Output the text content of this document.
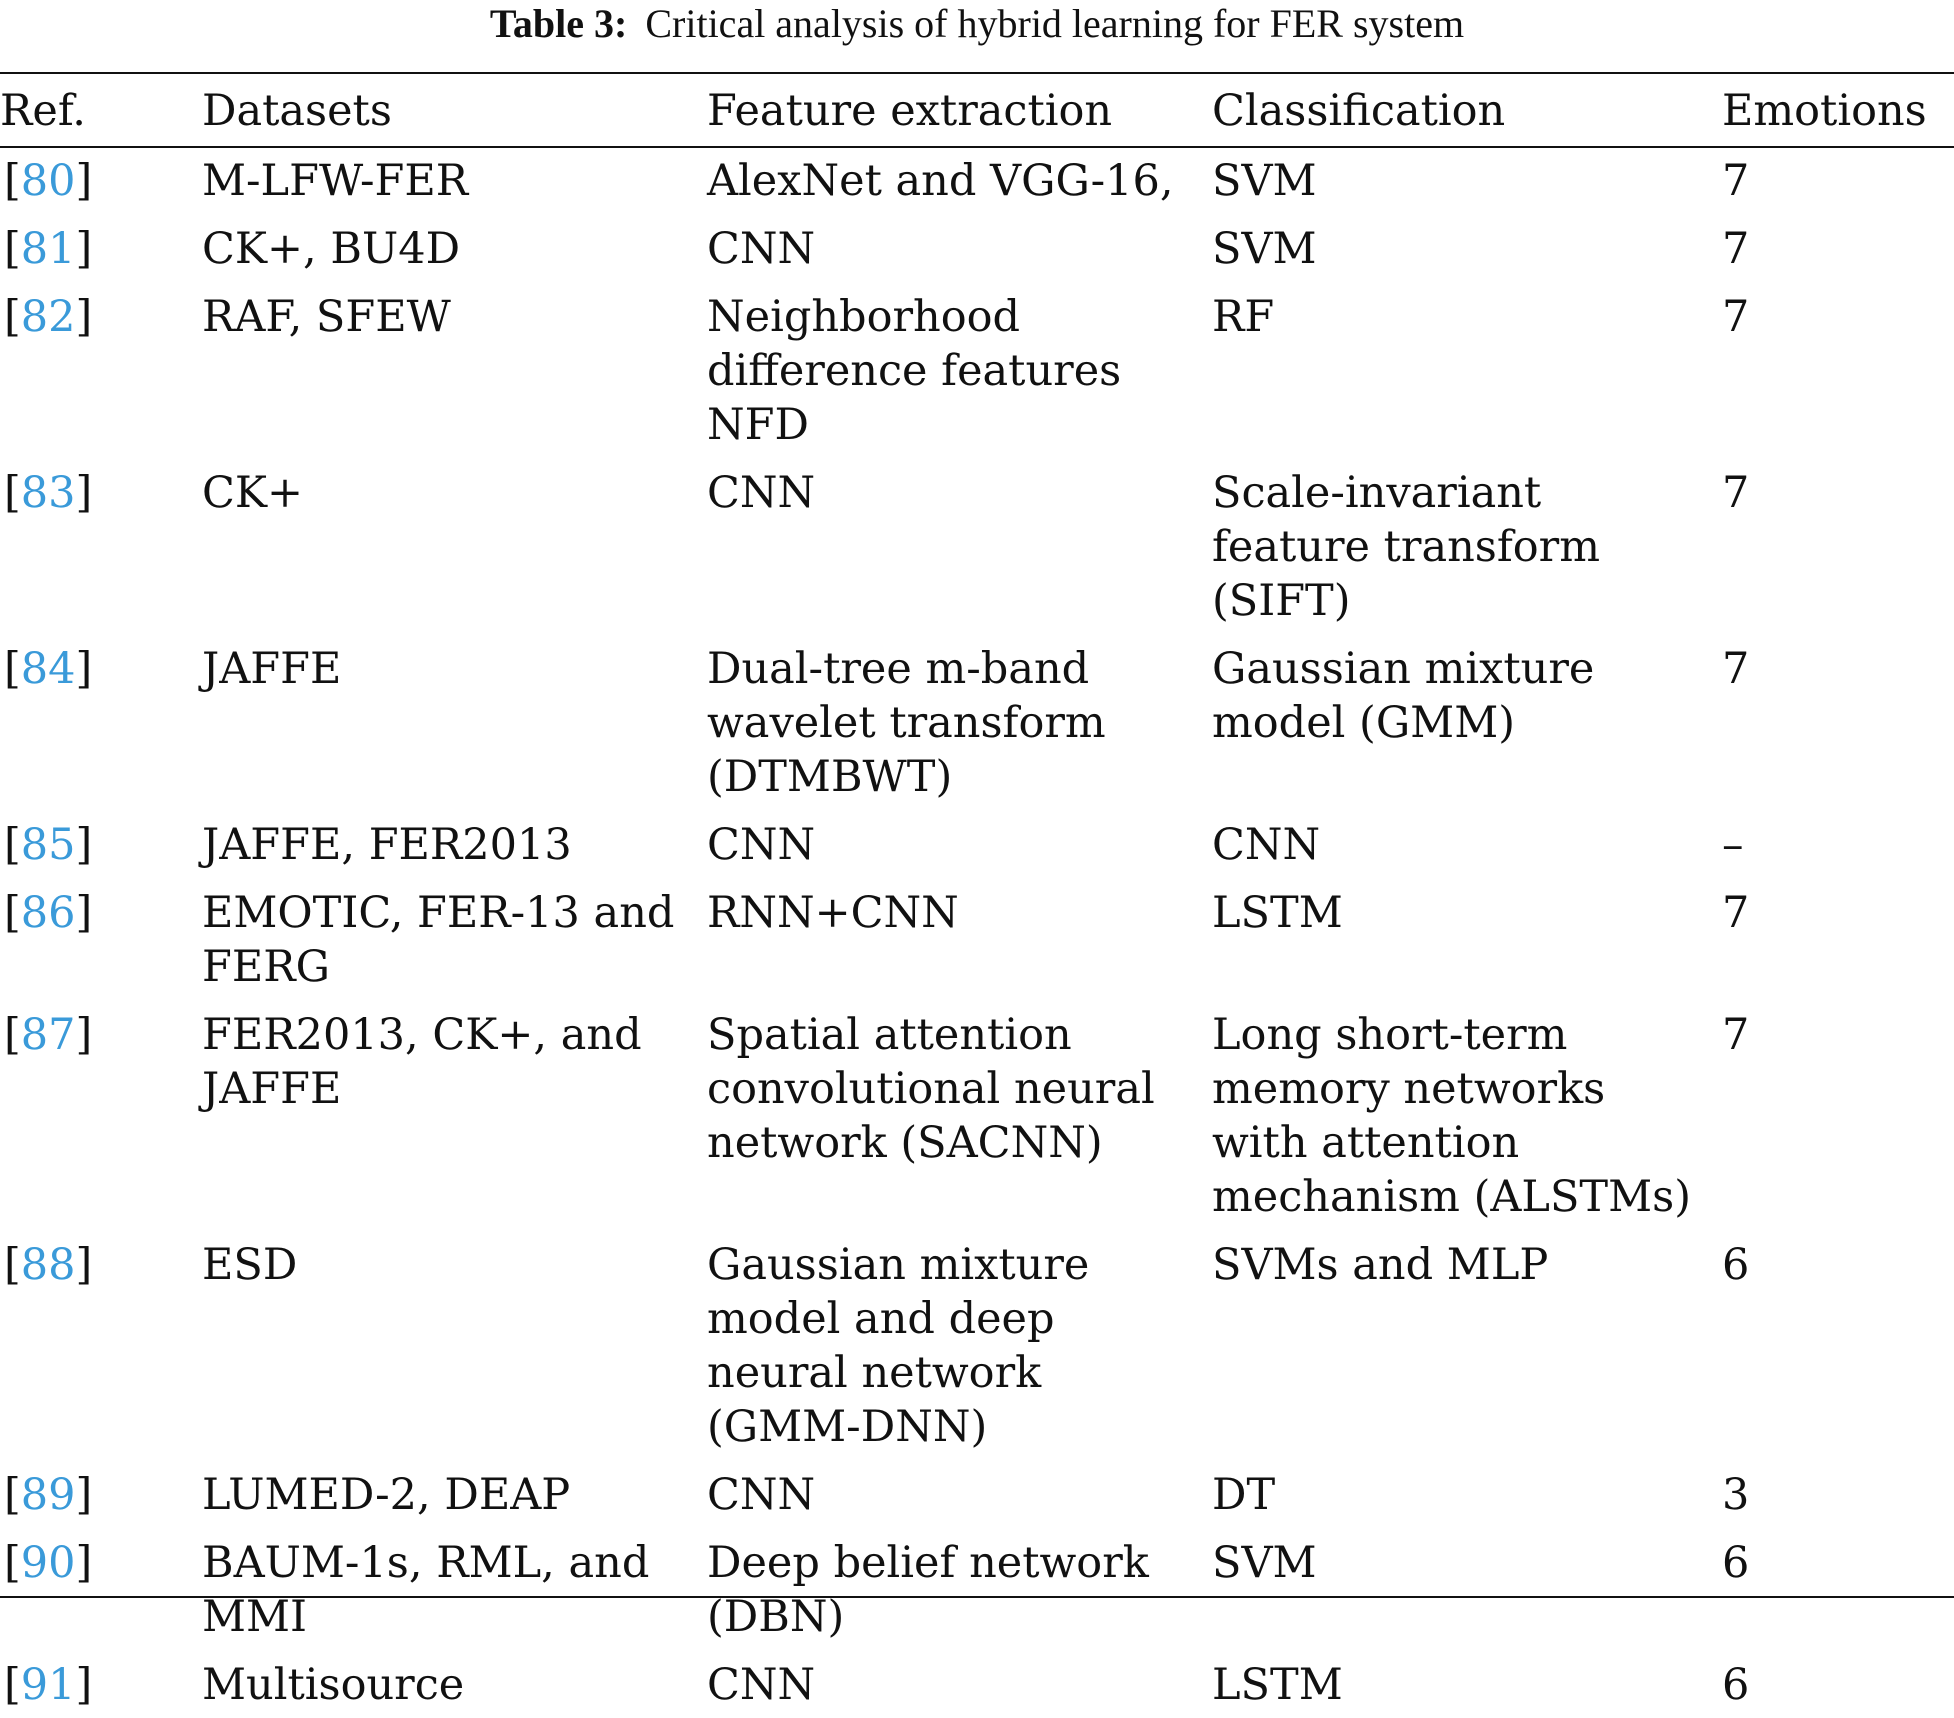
Table 3: Critical analysis of hybrid learning for FER system
Ref.	Datasets	Feature extraction	Classification	Emotions

[80]	M-LFW-FER	AlexNet and VGG-16,	SVM	7

[81]	CK+, BU4D	CNN	SVM	7

[82]	RAF, SFEW	Neighborhood difference features NFD	RF	7

[83]	CK+	CNN	Scale-invariant feature transform (SIFT)	7

[84]	JAFFE	Dual-tree m-band wavelet transform (DTMBWT)	Gaussian mixture model (GMM)	7

[85]	JAFFE, FER2013	CNN	CNN	–

[86]	EMOTIC, FER-13 and FERG	RNN+CNN	LSTM	7

[87]	FER2013, CK+, and JAFFE	Spatial attention convolutional neural network (SACNN)	Long short-term memory networks with attention mechanism (ALSTMs)	7

[88]	ESD	Gaussian mixture model and deep neural network (GMM-DNN)	SVMs and MLP	6

[89]	LUMED-2, DEAP	CNN	DT	3

[90]	BAUM-1s, RML, and MMI	Deep belief network (DBN)	SVM	6

[91]	Multisource	CNN	LSTM	6
